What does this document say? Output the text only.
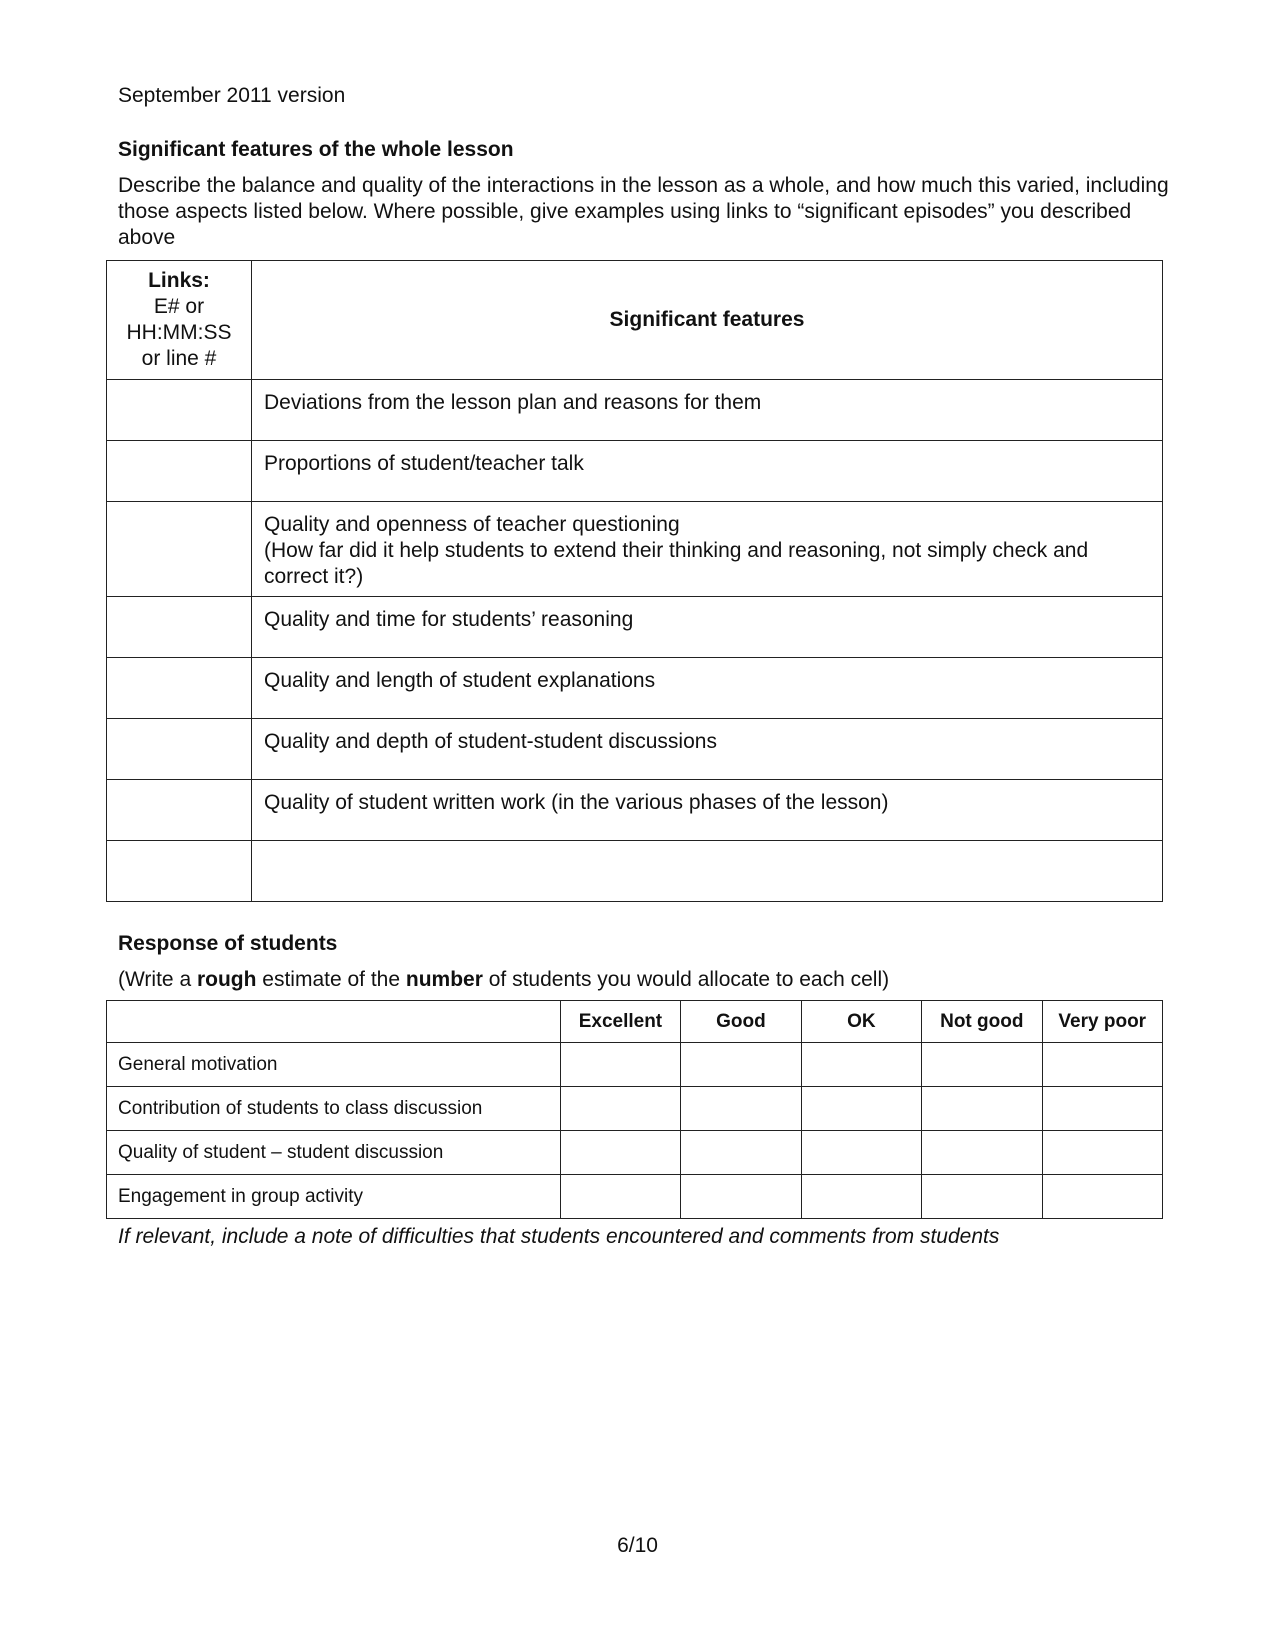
September 2011 version
Significant features of the whole lesson
Describe the balance and quality of the interactions in the lesson as a whole, and how much this varied, including those aspects listed below. Where possible, give examples using links to “significant episodes” you described above
Links:
E# or
HH:MM:SS
or line #	Significant features
	Deviations from the lesson plan and reasons for them
	Proportions of student/teacher talk
	Quality and openness of teacher questioning
(How far did it help students to extend their thinking and reasoning, not simply check and correct it?)
	Quality and time for students’ reasoning
	Quality and length of student explanations
	Quality and depth of student-student discussions
	Quality of student written work (in the various phases of the lesson)

Response of students
(Write a rough estimate of the number of students you would allocate to each cell)
	Excellent	Good	OK	Not good	Very poor
General motivation					
Contribution of students to class discussion					
Quality of student – student discussion					
Engagement in group activity					
If relevant, include a note of difficulties that students encountered and comments from students
6/10
